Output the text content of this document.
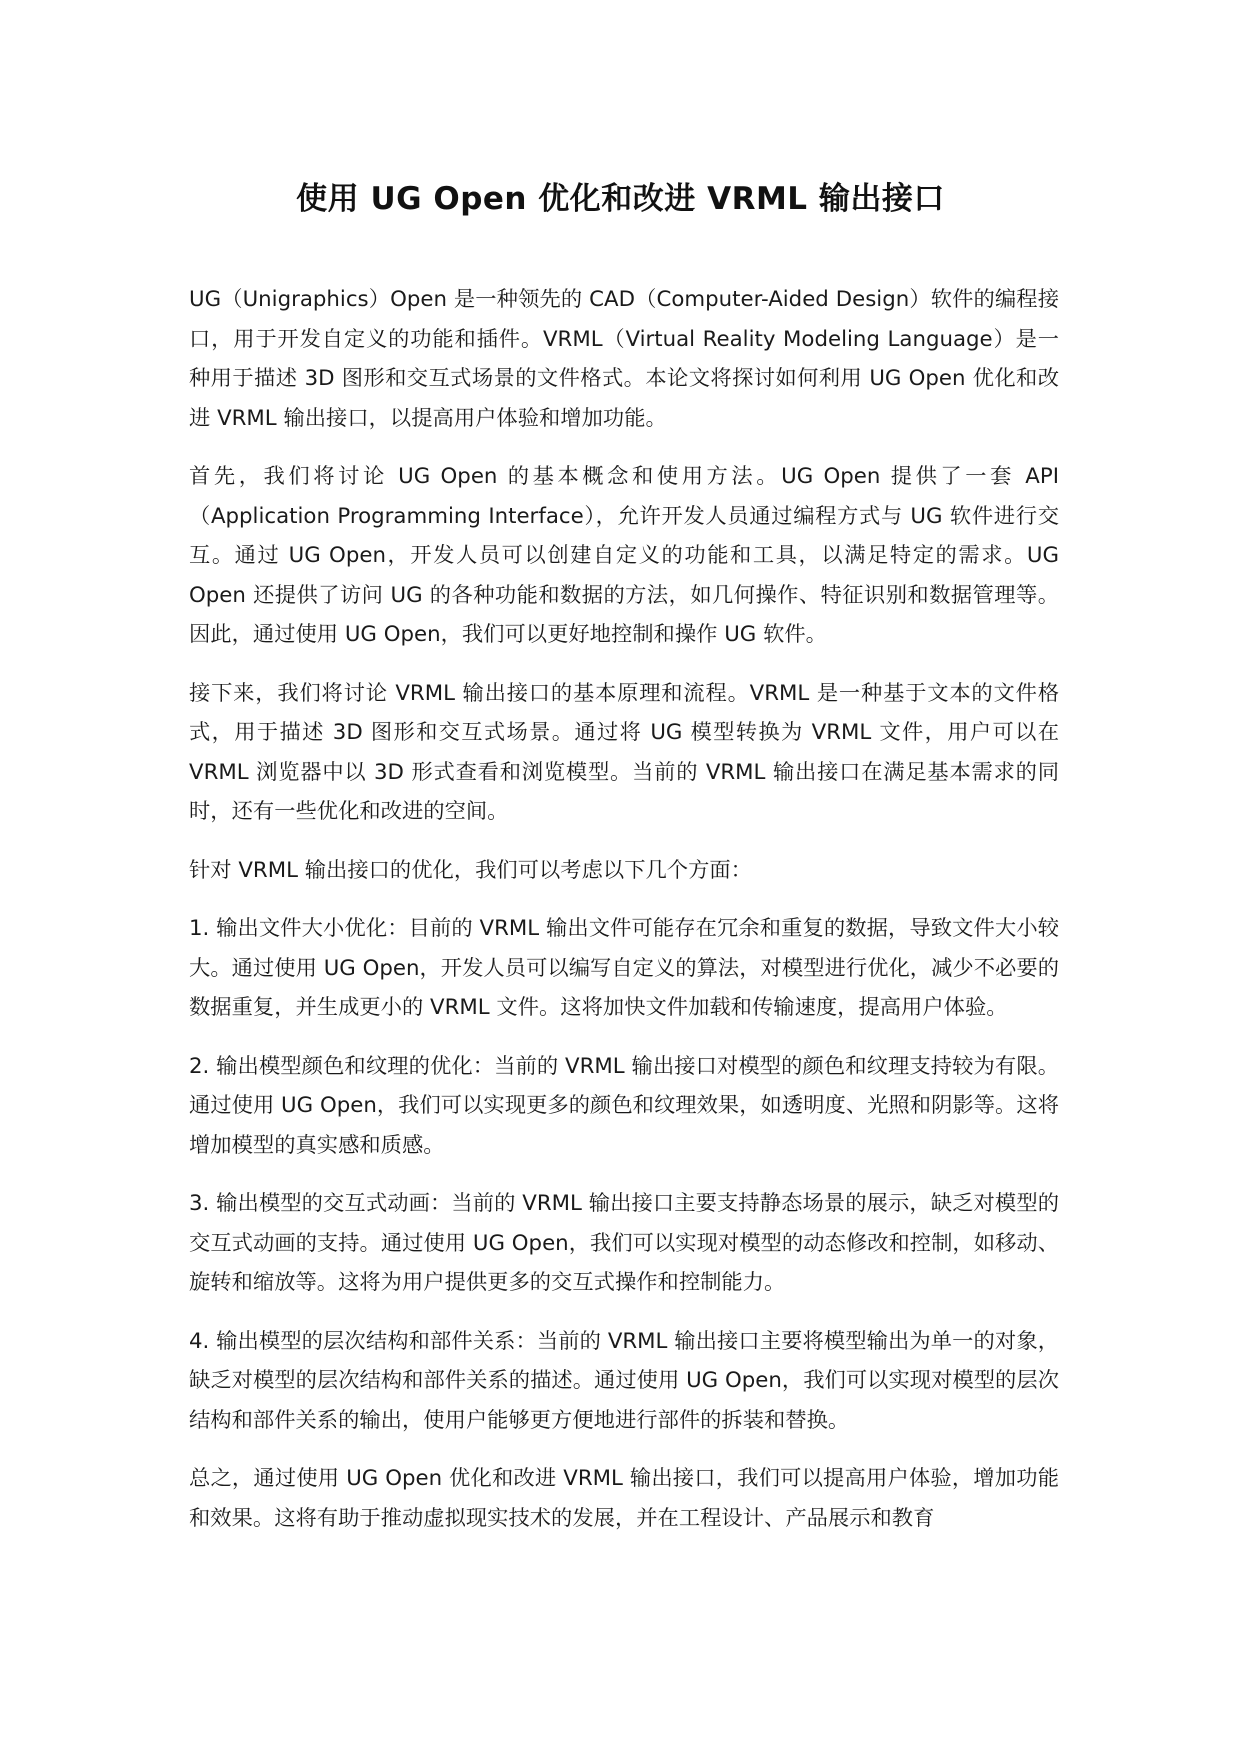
使用 UG Open 优化和改进 VRML 输出接口

UG（Unigraphics）Open 是一种领先的 CAD（Computer-Aided Design）软件的编程接口，用于开发自定义的功能和插件。VRML（Virtual Reality Modeling Language）是一种用于描述 3D 图形和交互式场景的文件格式。本论文将探讨如何利用 UG Open 优化和改进 VRML 输出接口，以提高用户体验和增加功能。

首先，我们将讨论 UG Open 的基本概念和使用方法。UG Open 提供了一套 API（Application Programming Interface），允许开发人员通过编程方式与 UG 软件进行交互。通过 UG Open，开发人员可以创建自定义的功能和工具，以满足特定的需求。UG Open 还提供了访问 UG 的各种功能和数据的方法，如几何操作、特征识别和数据管理等。因此，通过使用 UG Open，我们可以更好地控制和操作 UG 软件。

接下来，我们将讨论 VRML 输出接口的基本原理和流程。VRML 是一种基于文本的文件格式，用于描述 3D 图形和交互式场景。通过将 UG 模型转换为 VRML 文件，用户可以在 VRML 浏览器中以 3D 形式查看和浏览模型。当前的 VRML 输出接口在满足基本需求的同时，还有一些优化和改进的空间。

针对 VRML 输出接口的优化，我们可以考虑以下几个方面：

1. 输出文件大小优化：目前的 VRML 输出文件可能存在冗余和重复的数据，导致文件大小较大。通过使用 UG Open，开发人员可以编写自定义的算法，对模型进行优化，减少不必要的数据重复，并生成更小的 VRML 文件。这将加快文件加载和传输速度，提高用户体验。

2. 输出模型颜色和纹理的优化：当前的 VRML 输出接口对模型的颜色和纹理支持较为有限。通过使用 UG Open，我们可以实现更多的颜色和纹理效果，如透明度、光照和阴影等。这将增加模型的真实感和质感。

3. 输出模型的交互式动画：当前的 VRML 输出接口主要支持静态场景的展示，缺乏对模型的交互式动画的支持。通过使用 UG Open，我们可以实现对模型的动态修改和控制，如移动、旋转和缩放等。这将为用户提供更多的交互式操作和控制能力。

4. 输出模型的层次结构和部件关系：当前的 VRML 输出接口主要将模型输出为单一的对象，缺乏对模型的层次结构和部件关系的描述。通过使用 UG Open，我们可以实现对模型的层次结构和部件关系的输出，使用户能够更方便地进行部件的拆装和替换。

总之，通过使用 UG Open 优化和改进 VRML 输出接口，我们可以提高用户体验，增加功能和效果。这将有助于推动虚拟现实技术的发展，并在工程设计、产品展示和教育
